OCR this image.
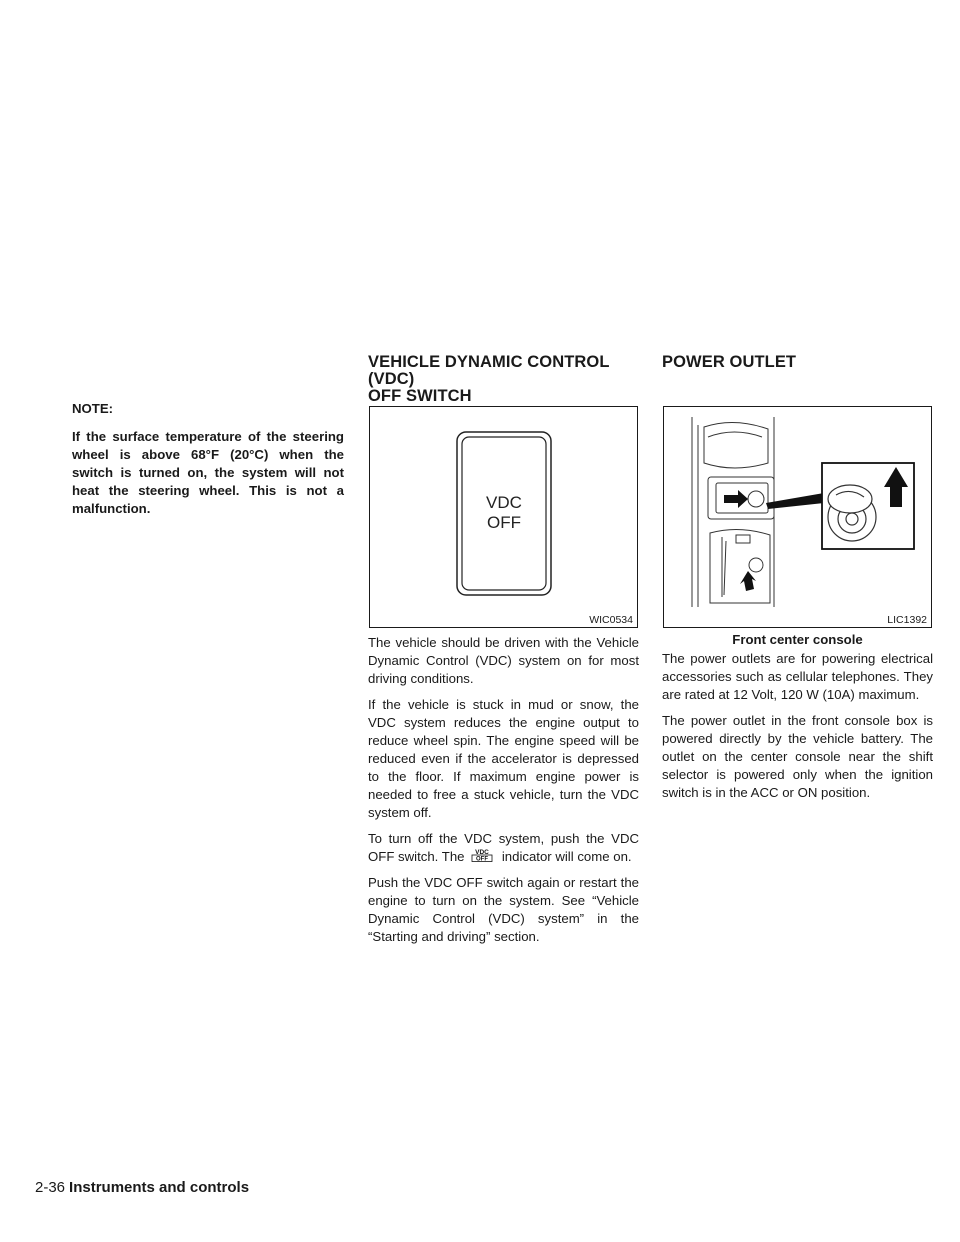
NOTE:

If the surface temperature of the steering wheel is above 68°F (20°C) when the switch is turned on, the system will not heat the steering wheel. This is not a malfunction.

VEHICLE DYNAMIC CONTROL (VDC)
OFF SWITCH
POWER OUTLET
VDC
OFF
WIC0534	LIC1392
Front center console

The vehicle should be driven with the Vehicle Dynamic Control (VDC) system on for most driving conditions.

If the vehicle is stuck in mud or snow, the VDC system reduces the engine output to reduce wheel spin. The engine speed will be reduced even if the accelerator is depressed to the floor. If maximum engine power is needed to free a stuck vehicle, turn the VDC system off.

To turn off the VDC system, push the VDC OFF switch. The VDC
OFF indicator will come on.

Push the VDC OFF switch again or restart the engine to turn on the system. See “Vehicle Dynamic Control (VDC) system” in the “Starting and driving” section.

The power outlets are for powering electrical accessories such as cellular telephones. They are rated at 12 Volt, 120 W (10A) maximum.

The power outlet in the front console box is powered directly by the vehicle battery. The outlet on the center console near the shift selector is powered only when the ignition switch is in the ACC or ON position.

2-36 Instruments and controls
